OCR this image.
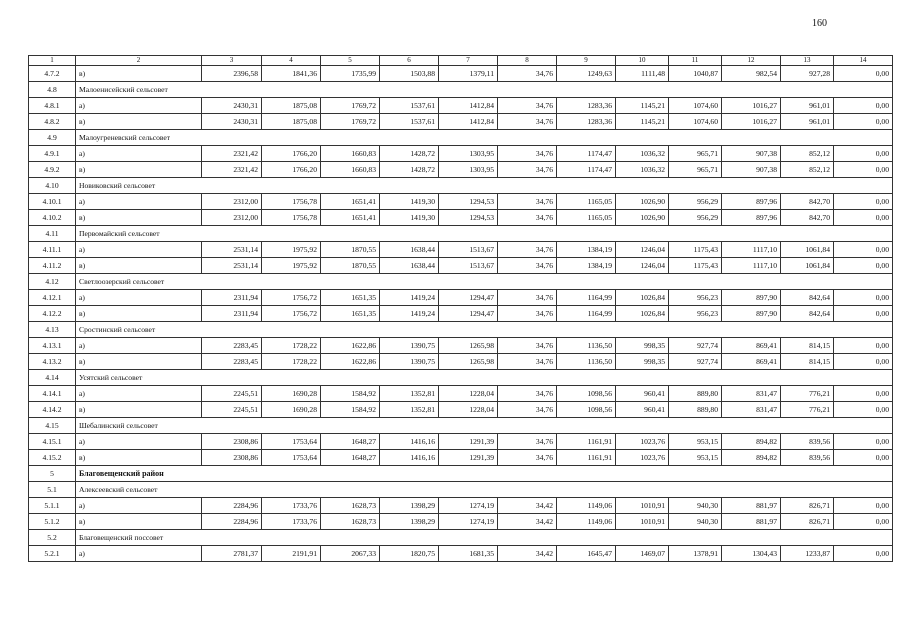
160
1	2	3	4	5	6	7	8	9	10	11	12	13	14
4.7.2	в)	2396,58	1841,36	1735,99	1503,88	1379,11	34,76	1249,63	1111,48	1040,87	982,54	927,28	0,00
4.8	Малоенисейский сельсовет												
4.8.1	а)	2430,31	1875,08	1769,72	1537,61	1412,84	34,76	1283,36	1145,21	1074,60	1016,27	961,01	0,00
4.8.2	в)	2430,31	1875,08	1769,72	1537,61	1412,84	34,76	1283,36	1145,21	1074,60	1016,27	961,01	0,00
4.9	Малоугреневский сельсовет												
4.9.1	а)	2321,42	1766,20	1660,83	1428,72	1303,95	34,76	1174,47	1036,32	965,71	907,38	852,12	0,00
4.9.2	в)	2321,42	1766,20	1660,83	1428,72	1303,95	34,76	1174,47	1036,32	965,71	907,38	852,12	0,00
4.10	Новиковский сельсовет												
4.10.1	а)	2312,00	1756,78	1651,41	1419,30	1294,53	34,76	1165,05	1026,90	956,29	897,96	842,70	0,00
4.10.2	в)	2312,00	1756,78	1651,41	1419,30	1294,53	34,76	1165,05	1026,90	956,29	897,96	842,70	0,00
4.11	Первомайский сельсовет												
4.11.1	а)	2531,14	1975,92	1870,55	1638,44	1513,67	34,76	1384,19	1246,04	1175,43	1117,10	1061,84	0,00
4.11.2	в)	2531,14	1975,92	1870,55	1638,44	1513,67	34,76	1384,19	1246,04	1175,43	1117,10	1061,84	0,00
4.12	Светлоозерский сельсовет												
4.12.1	а)	2311,94	1756,72	1651,35	1419,24	1294,47	34,76	1164,99	1026,84	956,23	897,90	842,64	0,00
4.12.2	в)	2311,94	1756,72	1651,35	1419,24	1294,47	34,76	1164,99	1026,84	956,23	897,90	842,64	0,00
4.13	Сростинский сельсовет												
4.13.1	а)	2283,45	1728,22	1622,86	1390,75	1265,98	34,76	1136,50	998,35	927,74	869,41	814,15	0,00
4.13.2	в)	2283,45	1728,22	1622,86	1390,75	1265,98	34,76	1136,50	998,35	927,74	869,41	814,15	0,00
4.14	Усятский сельсовет												
4.14.1	а)	2245,51	1690,28	1584,92	1352,81	1228,04	34,76	1098,56	960,41	889,80	831,47	776,21	0,00
4.14.2	в)	2245,51	1690,28	1584,92	1352,81	1228,04	34,76	1098,56	960,41	889,80	831,47	776,21	0,00
4.15	Шебалинский сельсовет												
4.15.1	а)	2308,86	1753,64	1648,27	1416,16	1291,39	34,76	1161,91	1023,76	953,15	894,82	839,56	0,00
4.15.2	в)	2308,86	1753,64	1648,27	1416,16	1291,39	34,76	1161,91	1023,76	953,15	894,82	839,56	0,00
5	Благовещенский район												
5.1	Алексеевский сельсовет												
5.1.1	а)	2284,96	1733,76	1628,73	1398,29	1274,19	34,42	1149,06	1010,91	940,30	881,97	826,71	0,00
5.1.2	в)	2284,96	1733,76	1628,73	1398,29	1274,19	34,42	1149,06	1010,91	940,30	881,97	826,71	0,00
5.2	Благовещенский поссовет												
5.2.1	а)	2781,37	2191,91	2067,33	1820,75	1681,35	34,42	1645,47	1469,07	1378,91	1304,43	1233,87	0,00
